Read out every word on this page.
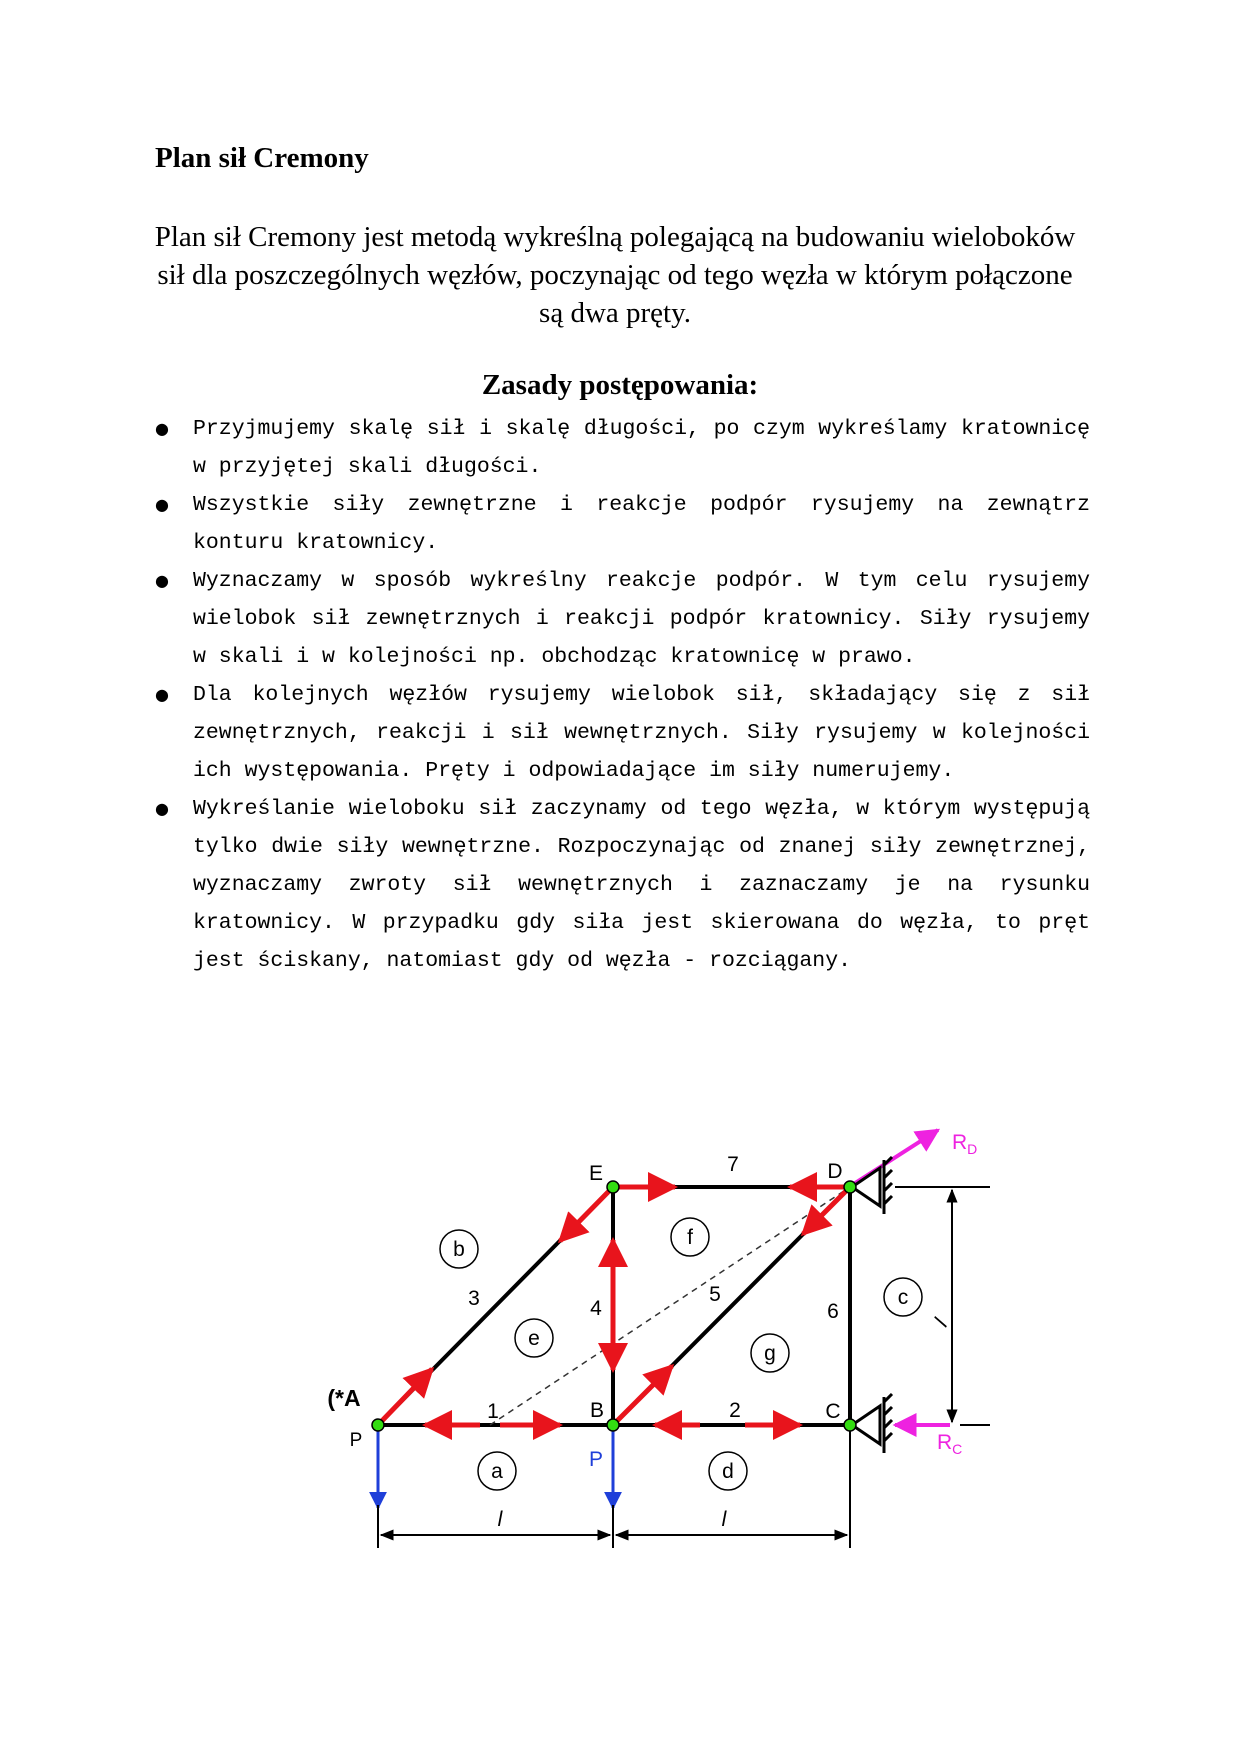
Plan sił Cremony
Plan sił Cremony jest metodą wykreślną polegającą na budowaniu wieloboków sił dla poszczególnych węzłów, poczynając od tego węzła w którym połączone są dwa pręty.
Zasady postępowania:
● Przyjmujemy skalę sił i skalę długości, po czym wykreślamy kratownicę w przyjętej skali długości.
● Wszystkie siły zewnętrzne i reakcje podpór rysujemy na zewnątrz konturu kratownicy.
● Wyznaczamy w sposób wykreślny reakcje podpór. W tym celu rysujemy wielobok sił zewnętrznych i reakcji podpór kratownicy. Siły rysujemy w skali i w kolejności np. obchodząc kratownicę w prawo.
● Dla kolejnych węzłów rysujemy wielobok sił, składający się z sił zewnętrznych, reakcji i sił wewnętrznych. Siły rysujemy w kolejności ich występowania. Pręty i odpowiadające im siły numerujemy.
● Wykreślanie wieloboku sił zaczynamy od tego węzła, w którym występują tylko dwie siły wewnętrzne. Rozpoczynając od znanej siły zewnętrznej, wyznaczamy zwroty sił wewnętrznych i zaznaczamy je na rysunku kratownicy. W przypadku gdy siła jest skierowana do węzła, to pręt jest ściskany, natomiast gdy od węzła - rozciągany.
b
c
e
a	d
f
g
1	2
3	4
5
6
7
E	D
B	C
(*A
P
P
l	l
l
$R_D$
$R_C$
